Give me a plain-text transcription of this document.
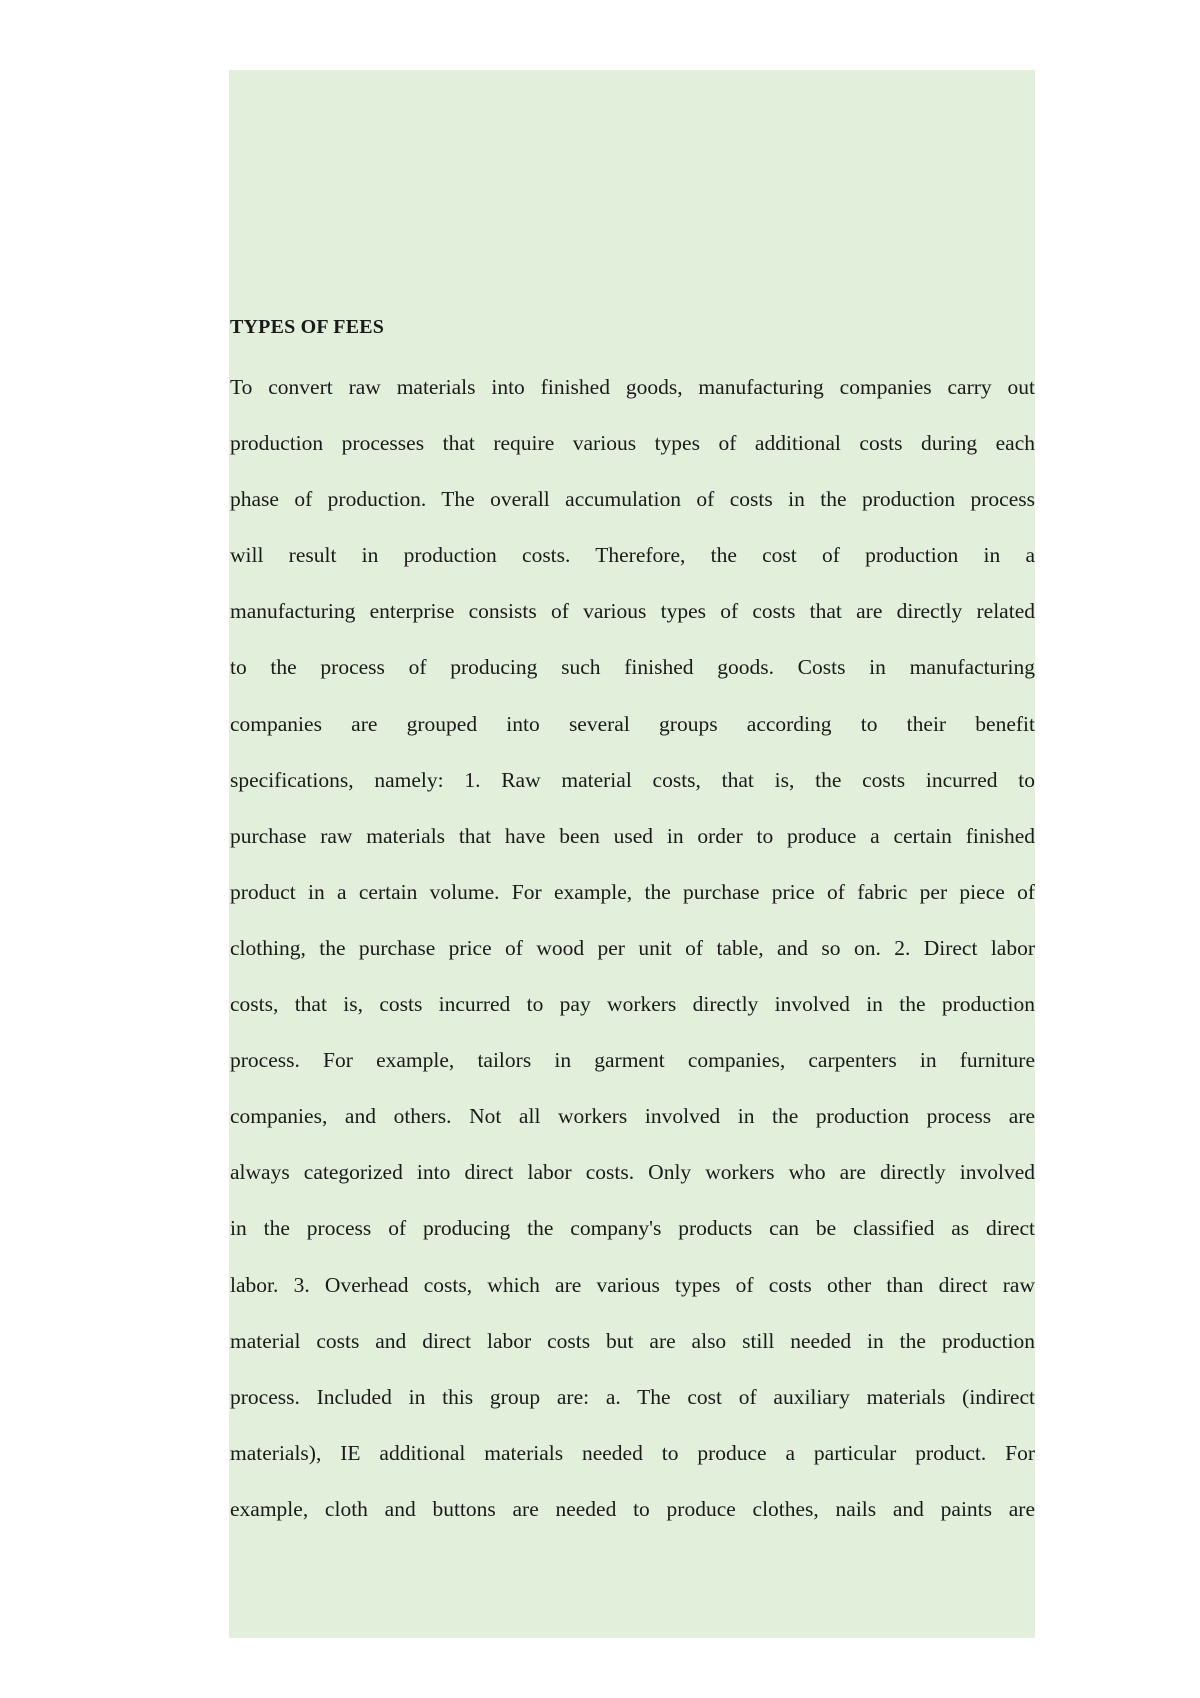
TYPES OF FEES

To convert raw materials into finished goods, manufacturing companies carry out
production processes that require various types of additional costs during each
phase of production. The overall accumulation of costs in the production process
will result in production costs. Therefore, the cost of production in a
manufacturing enterprise consists of various types of costs that are directly related
to the process of producing such finished goods. Costs in manufacturing
companies are grouped into several groups according to their benefit
specifications, namely: 1. Raw material costs, that is, the costs incurred to
purchase raw materials that have been used in order to produce a certain finished
product in a certain volume. For example, the purchase price of fabric per piece of
clothing, the purchase price of wood per unit of table, and so on. 2. Direct labor
costs, that is, costs incurred to pay workers directly involved in the production
process. For example, tailors in garment companies, carpenters in furniture
companies, and others. Not all workers involved in the production process are
always categorized into direct labor costs. Only workers who are directly involved
in the process of producing the company's products can be classified as direct
labor. 3. Overhead costs, which are various types of costs other than direct raw
material costs and direct labor costs but are also still needed in the production
process. Included in this group are: a. The cost of auxiliary materials (indirect
materials), IE additional materials needed to produce a particular product. For
example, cloth and buttons are needed to produce clothes, nails and paints are
